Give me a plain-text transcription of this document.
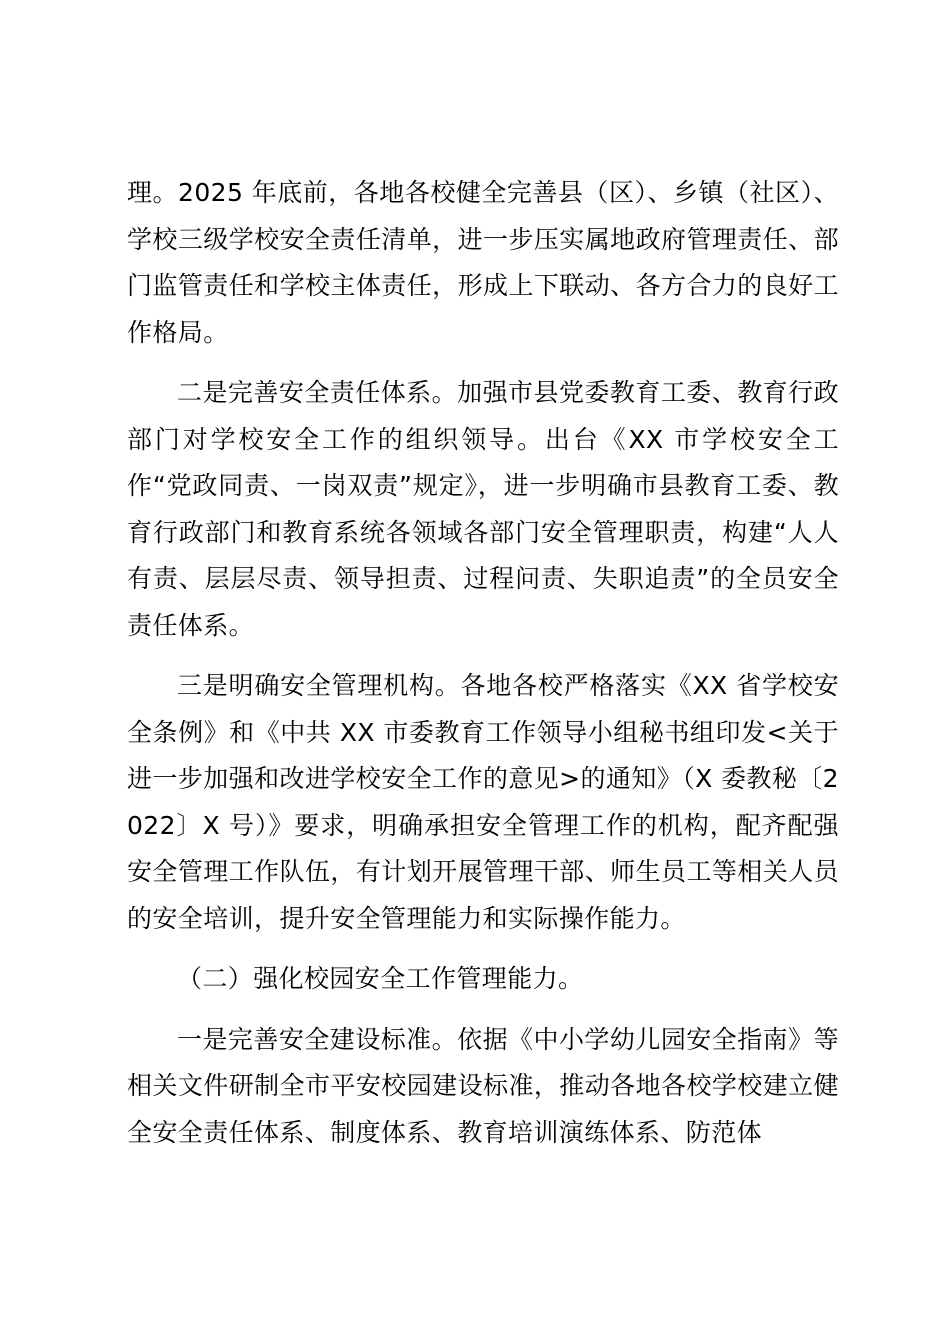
理。2025 年底前，各地各校健全完善县（区）、乡镇（社区）、学校三级学校安全责任清单，进一步压实属地政府管理责任、部门监管责任和学校主体责任，形成上下联动、各方合力的良好工作格局。

二是完善安全责任体系。加强市县党委教育工委、教育行政部门对学校安全工作的组织领导。出台《XX 市学校安全工作“党政同责、一岗双责”规定》，进一步明确市县教育工委、教育行政部门和教育系统各领域各部门安全管理职责，构建“人人有责、层层尽责、领导担责、过程问责、失职追责”的全员安全责任体系。

三是明确安全管理机构。各地各校严格落实《XX 省学校安全条例》和《中共 XX 市委教育工作领导小组秘书组印发<关于进一步加强和改进学校安全工作的意见>的通知》（X 委教秘〔2022〕X 号）》要求，明确承担安全管理工作的机构，配齐配强安全管理工作队伍，有计划开展管理干部、师生员工等相关人员的安全培训，提升安全管理能力和实际操作能力。

（二）强化校园安全工作管理能力。

一是完善安全建设标准。依据《中小学幼儿园安全指南》等相关文件研制全市平安校园建设标准，推动各地各校学校建立健全安全责任体系、制度体系、教育培训演练体系、防范体
